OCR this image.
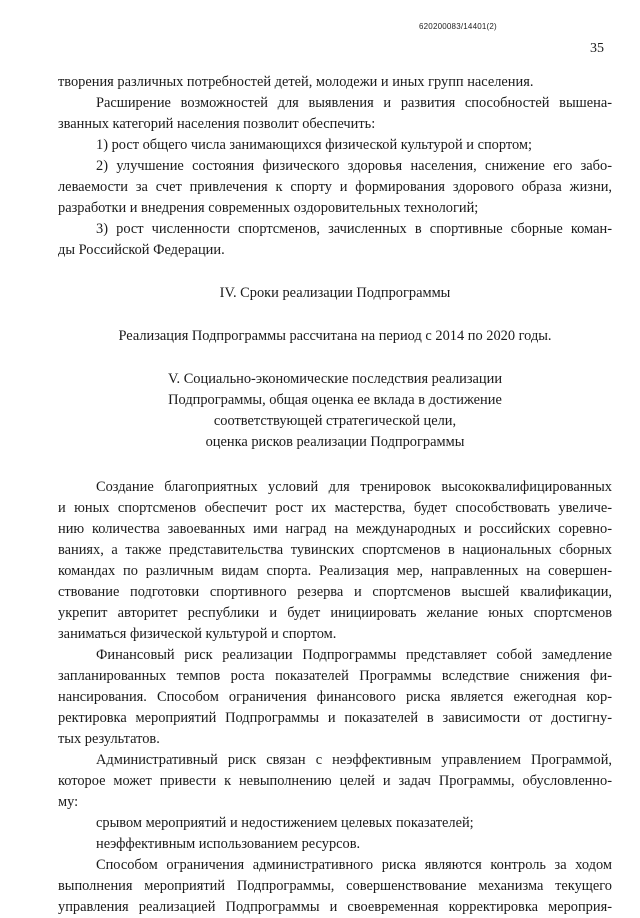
620200083/14401(2)
35
творения различных потребностей детей, молодежи и иных групп населения.
Расширение возможностей для выявления и развития способностей вышена-
званных категорий населения позволит обеспечить:
1) рост общего числа занимающихся физической культурой и спортом;
2) улучшение состояния физического здоровья населения, снижение его забо-
леваемости за счет привлечения к спорту и формирования здорового образа жизни,
разработки и внедрения современных оздоровительных технологий;
3) рост численности спортсменов, зачисленных в спортивные сборные коман-
ды Российской Федерации.
IV. Сроки реализации Подпрограммы
Реализация Подпрограммы рассчитана на период с 2014 по 2020 годы.
V. Социально-экономические последствия реализации
Подпрограммы, общая оценка ее вклада в достижение
соответствующей стратегической цели,
оценка рисков реализации Подпрограммы
Создание благоприятных условий для тренировок высококвалифицированных
и юных спортсменов обеспечит рост их мастерства, будет способствовать увеличе-
нию количества завоеванных ими наград на международных и российских соревно-
ваниях, а также представительства тувинских спортсменов в национальных сборных
командах по различным видам спорта. Реализация мер, направленных на совершен-
ствование подготовки спортивного резерва и спортсменов высшей квалификации,
укрепит авторитет республики и будет инициировать желание юных спортсменов
заниматься физической культурой и спортом.
Финансовый риск реализации Подпрограммы представляет собой замедление
запланированных темпов роста показателей Программы вследствие снижения фи-
нансирования. Способом ограничения финансового риска является ежегодная кор-
ректировка мероприятий Подпрограммы и показателей в зависимости от достигну-
тых результатов.
Административный риск связан с неэффективным управлением Программой,
которое может привести к невыполнению целей и задач Программы, обусловленно-
му:
срывом мероприятий и недостижением целевых показателей;
неэффективным использованием ресурсов.
Способом ограничения административного риска являются контроль за ходом
выполнения мероприятий Подпрограммы, совершенствование механизма текущего
управления реализацией Подпрограммы и своевременная корректировка мероприя-
